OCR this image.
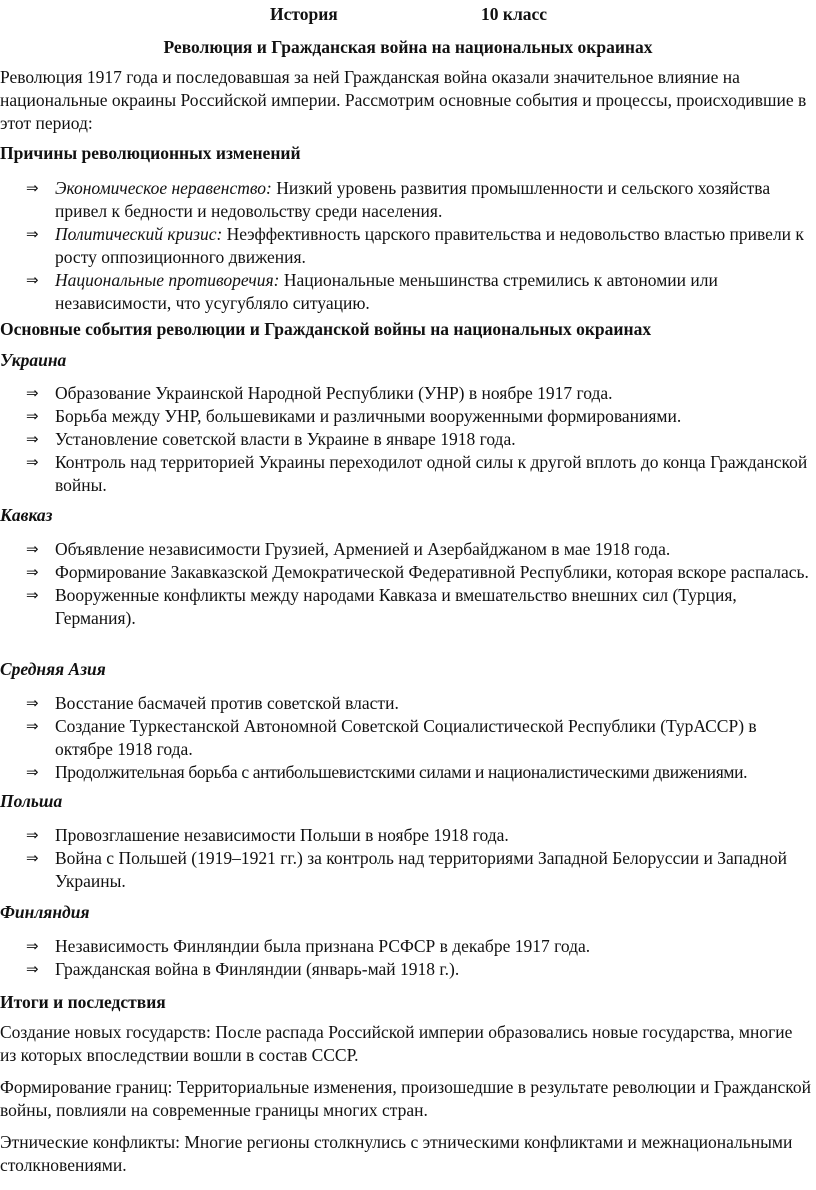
История	10 класс
Революция и Гражданская война на национальных окраинах

Революция 1917 года и последовавшая за ней Гражданская война оказали значительное влияние на национальные окраины Российской империи. Рассмотрим основные события и процессы, происходившие в этот период:

Причины революционных изменений
⇒ Экономическое неравенство: Низкий уровень развития промышленности и сельского хозяйства привел к бедности и недовольству среди населения.
⇒ Политический кризис: Неэффективность царского правительства и недовольство властью привели к росту оппозиционного движения.
⇒ Национальные противоречия: Национальные меньшинства стремились к автономии или независимости, что усугубляло ситуацию.
Основные события революции и Гражданской войны на национальных окраинах
Украина
⇒ Образование Украинской Народной Республики (УНР) в ноябре 1917 года.
⇒ Борьба между УНР, большевиками и различными вооруженными формированиями.
⇒ Установление советской власти в Украине в январе 1918 года.
⇒ Контроль над территорией Украины переходилот одной силы к другой вплоть до конца Гражданской войны.
Кавказ
⇒ Объявление независимости Грузией, Арменией и Азербайджаном в мае 1918 года.
⇒ Формирование Закавказской Демократической Федеративной Республики, которая вскоре распалась.
⇒ Вооруженные конфликты между народами Кавказа и вмешательство внешних сил (Турция, Германия).
Средняя Азия
⇒ Восстание басмачей против советской власти.
⇒ Создание Туркестанской Автономной Советской Социалистической Республики (ТурАССР) в октябре 1918 года.
⇒ Продолжительная борьба с антибольшевистскими силами и националистическими движениями.
Польша
⇒ Провозглашение независимости Польши в ноябре 1918 года.
⇒ Война с Польшей (1919–1921 гг.) за контроль над территориями Западной Белоруссии и Западной Украины.
Финляндия
⇒ Независимость Финляндии была признана РСФСР в декабре 1917 года.
⇒ Гражданская война в Финляндии (январь-май 1918 г.).
Итоги и последствия

Создание новых государств: После распада Российской империи образовались новые государства, многие из которых впоследствии вошли в состав СССР.

Формирование границ: Территориальные изменения, произошедшие в результате революции и Гражданской войны, повлияли на современные границы многих стран.

Этнические конфликты: Многие регионы столкнулись с этническими конфликтами и межнациональными столкновениями.
